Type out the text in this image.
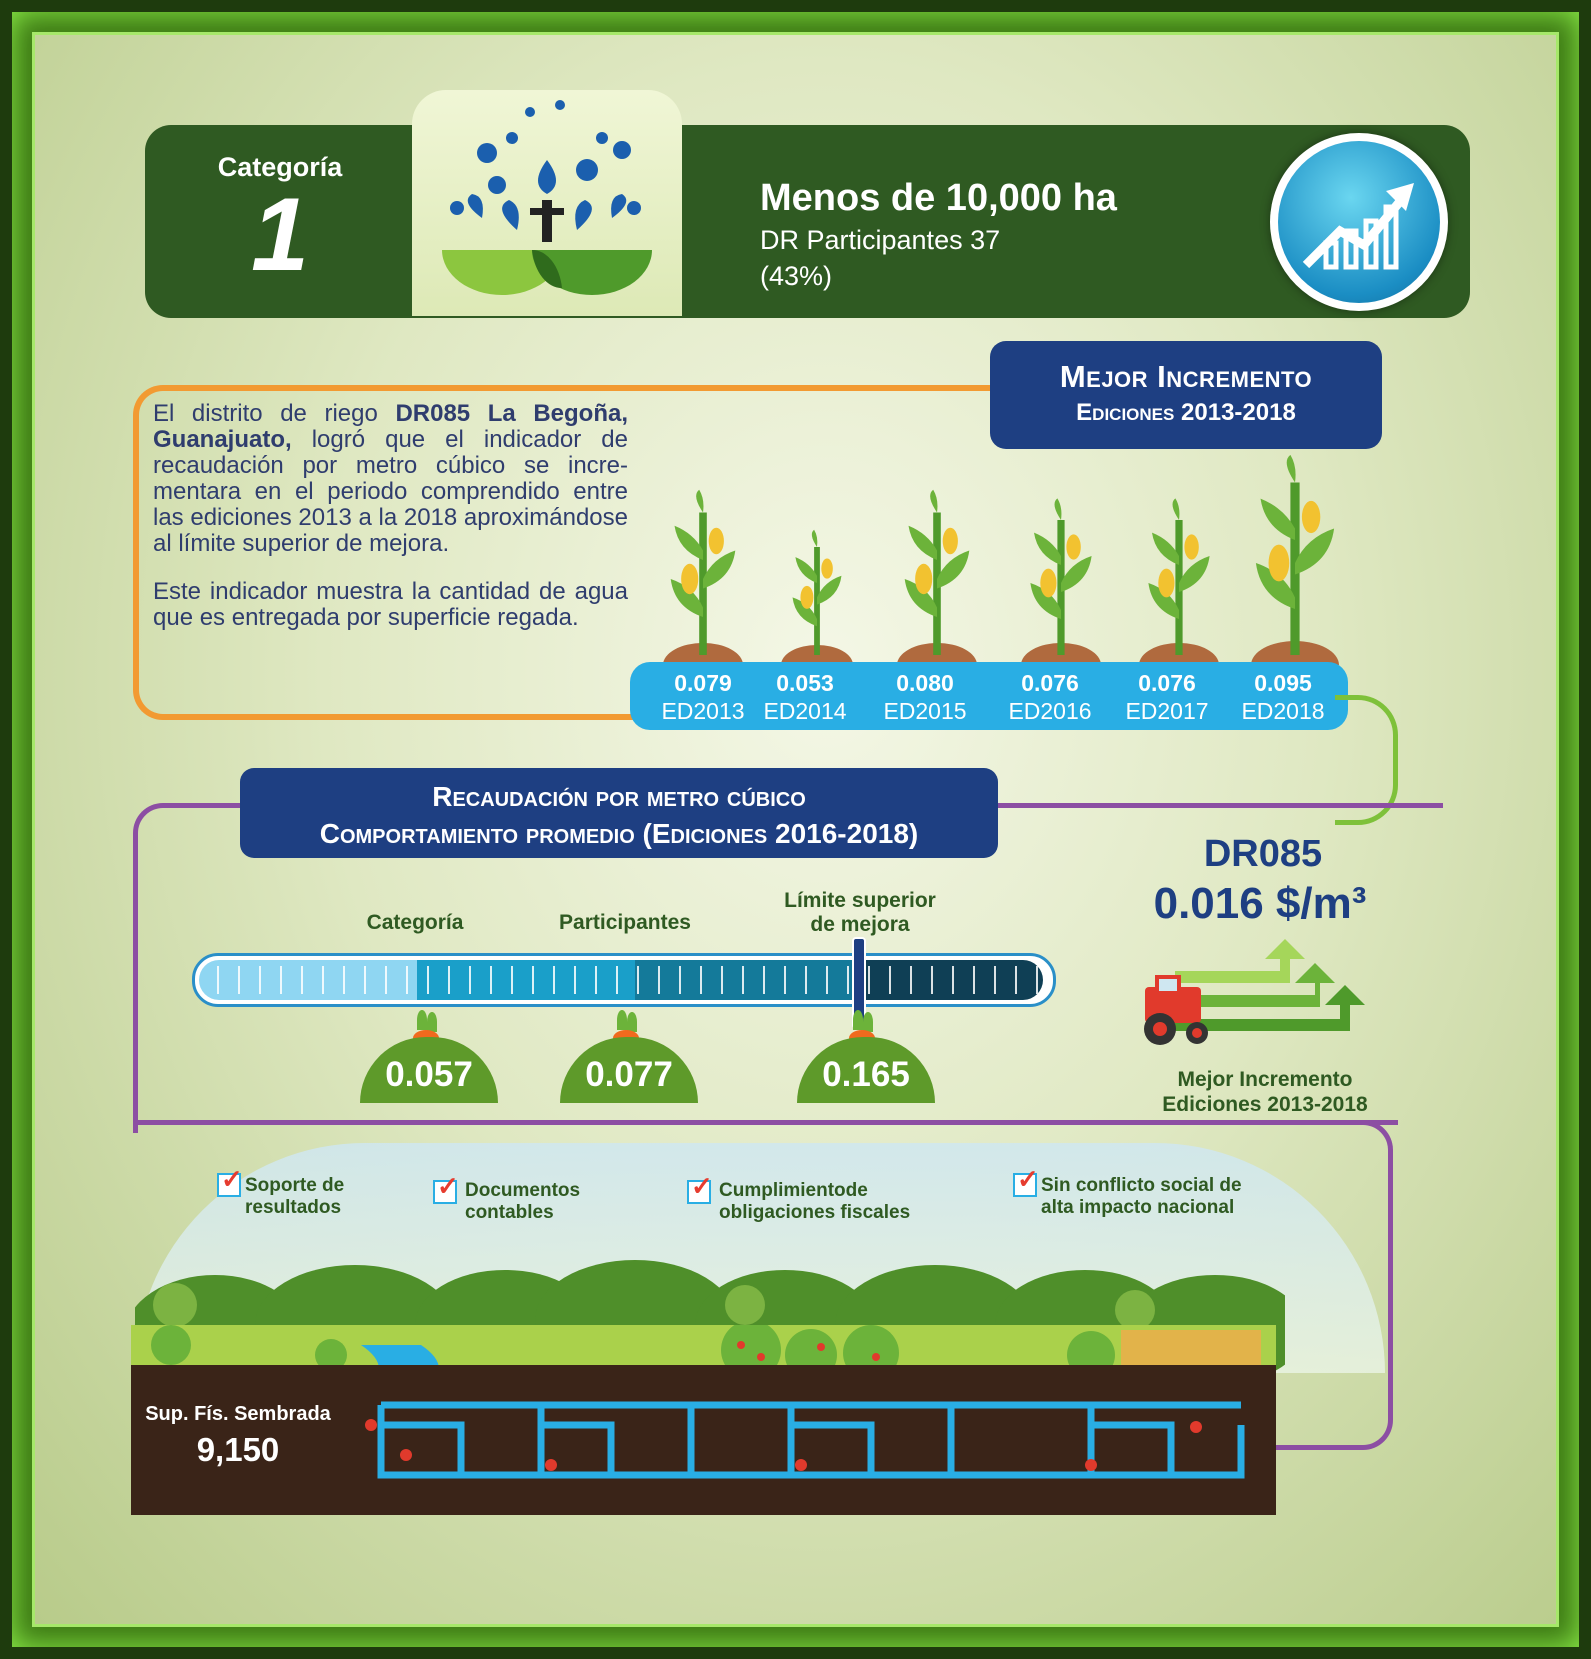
Categoría
1	Menos de 10,000 ha
DR Participantes 37
(43%)

El distrito de riego DR085 La Begoña, Guanajuato, logró que el indicador de recaudación por metro cúbico se incre-mentara en el periodo comprendido entre las ediciones 2013 a la 2018 aproximándose al límite superior de mejora.

Este indicador muestra la cantidad de agua que es entregada por superficie regada.

Mejor Incremento
Ediciones 2013-2018
0.079
ED2013
0.053
ED2014
0.080
ED2015
0.076
ED2016
0.076
ED2017
0.095
ED2018
Recaudación por metro cúbico
Comportamiento promedio (Ediciones 2016-2018)
Categoría	Participantes
Límite superior
de mejora
0.057	0.077	0.165
DR085
0.016 $/m³
Mejor Incremento
Ediciones 2013-2018
Sup. Fís. Sembrada
9,150
✓ Soporte de
resultados
✓ Documentos
contables
✓ Cumplimientode
obligaciones fiscales
✓ Sin conflicto social de
alta impacto nacional
